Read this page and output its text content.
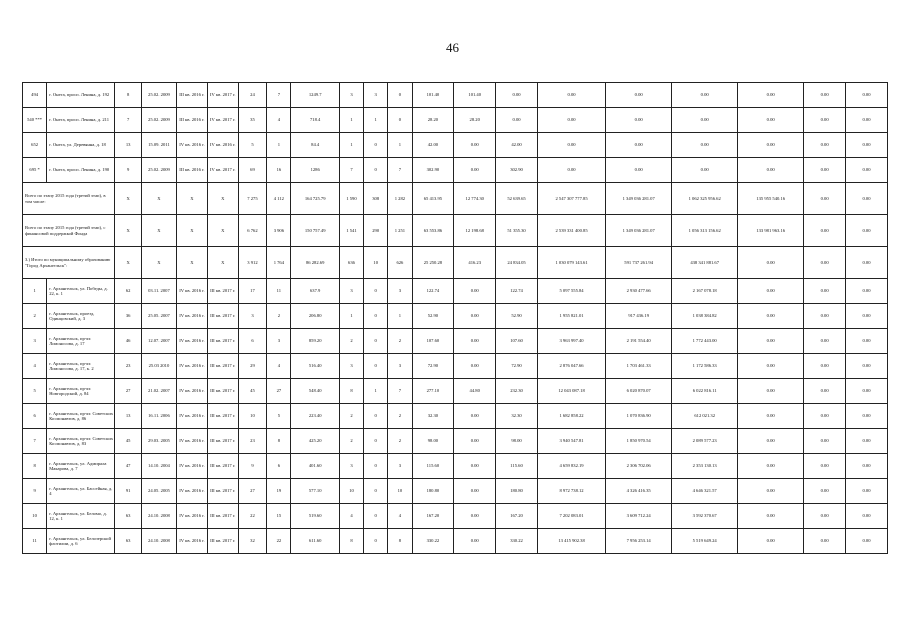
46
494	г. Онега, просп. Ленина, д. 192	8	25.02. 2009	III кв. 2016 г.	IV кв. 2017 г.	24	7	1249.7	3	3	0	101.40	101.40	0.00	0.00	0.00	0.00	0.00	0.00	0.00
540 ***	г. Онега, просп. Ленина, д. 211	7	25.02. 2009	III кв. 2016 г.	IV кв. 2017 г.	35	4	718.4	1	1	0	28.20	28.20	0.00	0.00	0.00	0.00	0.00	0.00	0.00
652	г. Онега, ул. Деревянна, д. 18	13	15.09. 2011	IV кв. 2016 г.	IV кв. 2016 г.	5	1	84.4	1	0	1	42.00	0.00	42.00	0.00	0.00	0.00	0.00	0.00	0.00
695 *	г. Онега, просп. Ленина, д. 190	9	25.02. 2009	III кв. 2016 г.	IV кв. 2017 г.	69	16	1286	7	0	7	302.90	0.00	302.90	0.00	0.00	0.00	0.00	0.00	0.00
Всего по этапу 2015 года (третий этап), в том числе:		X	X	X	X	7 275	4 112	164 725.79	1 590	308	1 282	65 413.95	12 774.30	52 639.65	2 547 307 777.85	1 349 036 281.07	1 062 325 956.62	135 955 540.16	0.00	0.00
Всего по этапу 2015 года (третий этап), с финансовой поддержкой Фонда		X	X	X	X	6 762	3 906	150 757.49	1 541	290	1 251	63 553.86	12 198.68	51 355.30	2 539 331 400.85	1 349 036 281.07	1 056 313 156.62	133 981 963.16	0.00	0.00
3.) Итого по муниципальному образованию "Город Архангельск":		X	X	X	X	3 912	1 764	86 282.69	636	10	626	25 250.28	416.23	24 834.05	1 030 079 143.61	591 737 261.94	438 341 881.67	0.00	0.00	0.00
1	г. Архангельск, ул. Победы, д. 22, к. 1	62	03.11. 2007	IV кв. 2016 г.	III кв. 2017 г.	17	11	637.9	3	0	3	122.74	0.00	122.74	5 097 555.84	2 930 477.66	2 167 078.18	0.00	0.00	0.00
2	г. Архангельск, проезд. Одинцовский, д. 3	36	25.05. 2007	IV кв. 2016 г.	III кв. 2017 г.	3	2	206.80	1	0	1	52.90	0.00	52.90	1 955 821.01	917 436.19	1 038 384.82	0.00	0.00	0.00
3	г. Архангельск, пр-кт. Ломоносова, д. 17	46	12.07. 2007	IV кв. 2016 г.	III кв. 2017 г.	6	3	859.20	2	0	2	107.60	0.00	107.60	3 963 997.40	2 191 554.40	1 772 443.00	0.00	0.00	0.00
4	г. Архангельск, пр-кт. Ломоносова, д. 17, к. 2	23	25.03 2010	IV кв. 2016 г.	III кв. 2017 г.	29	4	516.40	3	0	3	72.90	0.00	72.90	2 876 047.66	1 703 461.33	1 172 586.33	0.00	0.00	0.00
5	г. Архангельск, пр-кт. Новгородский, д. 84	27	21.02. 2007	IV кв. 2016 г.	III кв. 2017 г.	45	27	548.40	8	1	7	277.10	44.80	232.30	12 043 087.18	6 020 870.07	6 022 816.11	0.00	0.00	0.00
6	г. Архангельск, пр-кт. Советских Космонавтов, д. 86	13	16.11. 2006	IV кв. 2016 г.	III кв. 2017 г.	10	5	223.40	2	0	2	32.30	0.00	32.30	1 682 858.22	1 070 836.90	612 021.32	0.00	0.00	0.00
7	г. Архангельск, пр-кт. Советских Космонавтов, д. 83	45	29.03. 2005	IV кв. 2016 г.	III кв. 2017 г.	23	8	425.20	2	0	2	98.00	0.00	98.00	3 940 547.81	1 850 970.54	2 089 577.23	0.00	0.00	0.00
8	г. Архангельск, ул. Адмирала Макарова, д. 7	47	14.10. 2004	IV кв. 2016 г.	III кв. 2017 г.	9	6	401.60	3	0	3	115.60	0.00	115.60	4 659 832.19	2 306 702.06	2 353 130.13	0.00	0.00	0.00
9	г. Архангельск, ул. Бассейная, д. 4	91	24.05. 2005	IV кв. 2016 г.	III кв. 2017 г.	27	19	577.10	10	0	10	180.80	0.00	180.80	8 972 738.12	4 326 416.35	4 646 321.57	0.00	0.00	0.00
10	г. Архангельск, ул. Беломо, д. 12, к. 1	63	24.10. 2008	IV кв. 2016 г.	III кв. 2017 г.	22	15	519.60	4	0	4	167.20	0.00	167.20	7 202 083.01	3 609 712.24	3 592 370.67	0.00	0.00	0.00
11	г. Архангельск, ул. Белозерской флотилии, д. 6	63	24.10. 2008	IV кв. 2016 г.	III кв. 2017 г.	32	22	611.60	8	0	8	330.22	0.00	330.22	13 415 902.38	7 956 253.14	5 519 649.24	0.00	0.00	0.00
